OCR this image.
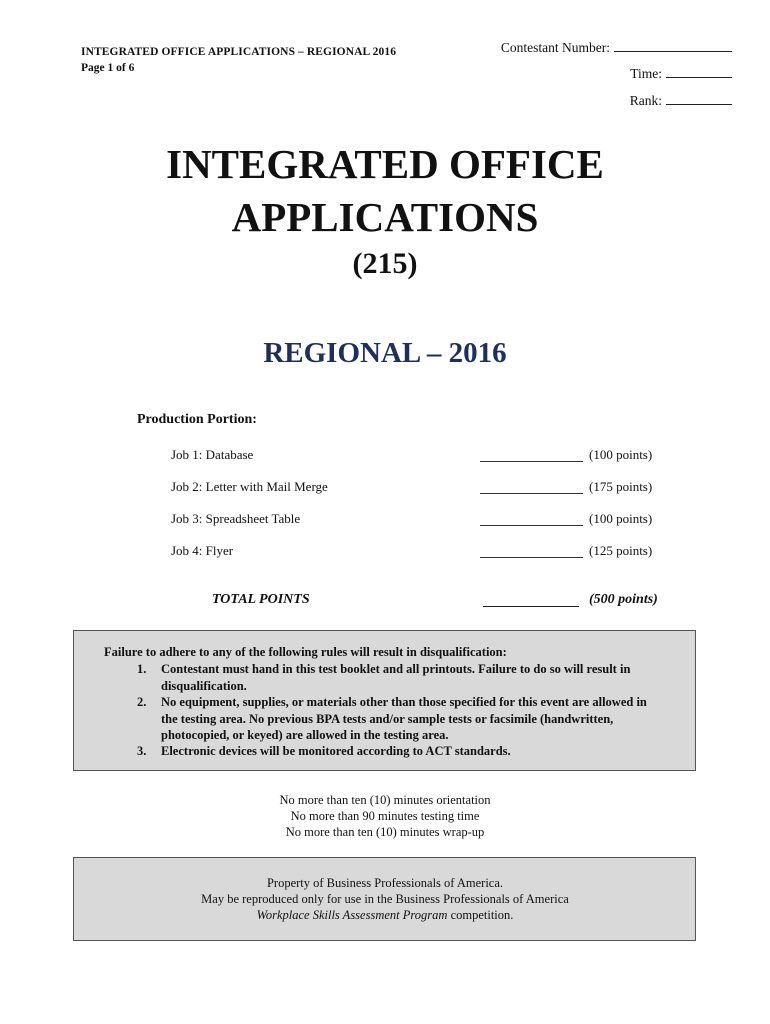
INTEGRATED OFFICE APPLICATIONS – REGIONAL 2016
Page 1 of 6
Contestant Number:
Time:
Rank:
INTEGRATED OFFICE
APPLICATIONS
(215)
REGIONAL – 2016
Production Portion:
Job 1: Database	(100 points)
Job 2: Letter with Mail Merge	(175 points)
Job 3: Spreadsheet Table	(100 points)
Job 4: Flyer	(125 points)
TOTAL POINTS	(500 points)
Failure to adhere to any of the following rules will result in disqualification:
1. Contestant must hand in this test booklet and all printouts. Failure to do so will result in disqualification.
2. No equipment, supplies, or materials other than those specified for this event are allowed in the testing area. No previous BPA tests and/or sample tests or facsimile (handwritten, photocopied, or keyed) are allowed in the testing area.
3. Electronic devices will be monitored according to ACT standards.
No more than ten (10) minutes orientation
No more than 90 minutes testing time
No more than ten (10) minutes wrap-up
Property of Business Professionals of America.
May be reproduced only for use in the Business Professionals of America
Workplace Skills Assessment Program competition.
